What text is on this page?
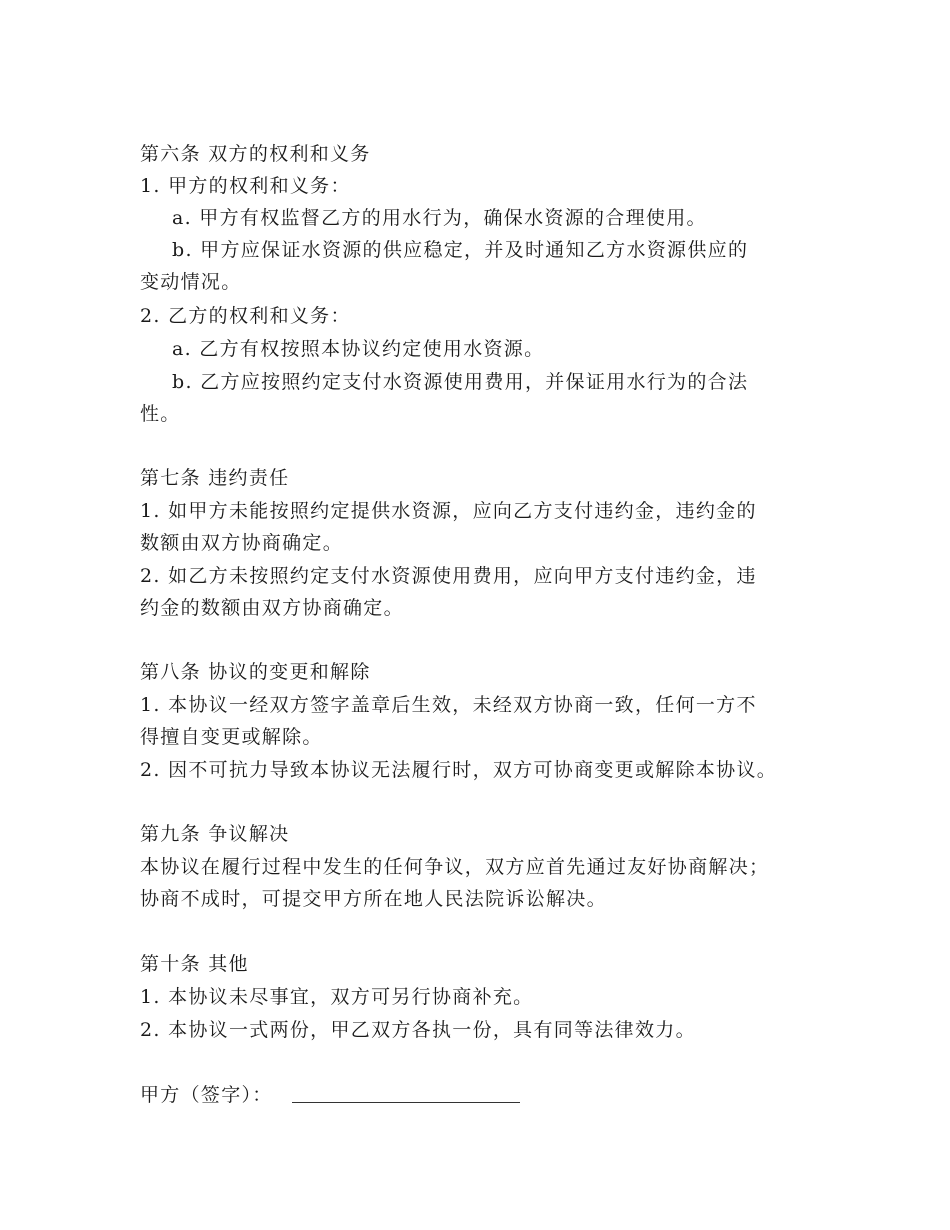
第六条 双方的权利和义务
1. 甲方的权利和义务：
a. 甲方有权监督乙方的用水行为，确保水资源的合理使用。
b. 甲方应保证水资源的供应稳定，并及时通知乙方水资源供应的
变动情况。
2. 乙方的权利和义务：
a. 乙方有权按照本协议约定使用水资源。
b. 乙方应按照约定支付水资源使用费用，并保证用水行为的合法
性。
第七条 违约责任
1. 如甲方未能按照约定提供水资源，应向乙方支付违约金，违约金的
数额由双方协商确定。
2. 如乙方未按照约定支付水资源使用费用，应向甲方支付违约金，违
约金的数额由双方协商确定。
第八条 协议的变更和解除
1. 本协议一经双方签字盖章后生效，未经双方协商一致，任何一方不
得擅自变更或解除。
2. 因不可抗力导致本协议无法履行时，双方可协商变更或解除本协议。
第九条 争议解决
本协议在履行过程中发生的任何争议，双方应首先通过友好协商解决；
协商不成时，可提交甲方所在地人民法院诉讼解决。
第十条 其他
1. 本协议未尽事宜，双方可另行协商补充。
2. 本协议一式两份，甲乙双方各执一份，具有同等法律效力。
甲方（签字）：
